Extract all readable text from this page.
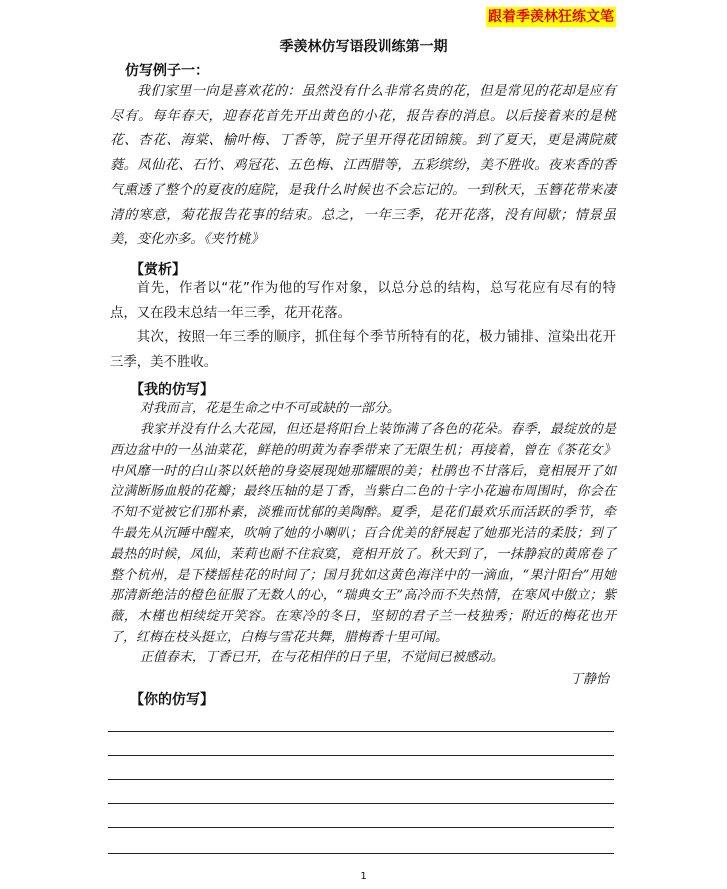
跟着季羡林狂练文笔
季羡林仿写语段训练第一期
仿写例子一：

我们家里一向是喜欢花的：虽然没有什么非常名贵的花，但是常见的花却是应有尽有。每年春天，迎春花首先开出黄色的小花，报告春的消息。以后接着来的是桃花、杏花、海棠、榆叶梅、丁香等，院子里开得花团锦簇。到了夏天，更是满院葳蕤。凤仙花、石竹、鸡冠花、五色梅、江西腊等，五彩缤纷，美不胜收。夜来香的香气熏透了整个的夏夜的庭院，是我什么时候也不会忘记的。一到秋天，玉簪花带来凄清的寒意，菊花报告花事的结束。总之，一年三季，花开花落，没有间歇；情景虽美，变化亦多。《夹竹桃》

【赏析】

首先，作者以“花”作为他的写作对象，以总分总的结构，总写花应有尽有的特点，又在段末总结一年三季，花开花落。

其次，按照一年三季的顺序，抓住每个季节所特有的花，极力铺排、渲染出花开三季，美不胜收。

【我的仿写】

对我而言，花是生命之中不可或缺的一部分。

我家并没有什么大花园，但还是将阳台上装饰满了各色的花朵。春季，最绽放的是西边盆中的一丛油菜花，鲜艳的明黄为春季带来了无限生机；再接着，曾在《茶花女》中风靡一时的白山茶以妖艳的身姿展现她那耀眼的美；杜鹃也不甘落后，竟相展开了如泣满断肠血般的花瓣；最终压轴的是丁香，当紫白二色的十字小花遍布周围时，你会在不知不觉被它们那朴素，淡雅而忧郁的美陶醉。夏季，是花们最欢乐而活跃的季节，牵牛最先从沉睡中醒来，吹响了她的小喇叭；百合优美的舒展起了她那光洁的柔肢；到了最热的时候，凤仙，茉莉也耐不住寂寞，竟相开放了。秋天到了，一抹静寂的黄席卷了整个杭州，是下楼摇桂花的时间了；国月犹如这黄色海洋中的一滴血，“果汁阳台”用她那清新绝洁的橙色征服了无数人的心，“瑞典女王”高冷而不失热情，在寒风中傲立；紫薇，木槿也相续绽开笑容。在寒冷的冬日，坚韧的君子兰一枝独秀；附近的梅花也开了，红梅在枝头挺立，白梅与雪花共舞，腊梅香十里可闻。

正值春末，丁香已开，在与花相伴的日子里，不觉间已被感动。

丁静怡
【你的仿写】
1
